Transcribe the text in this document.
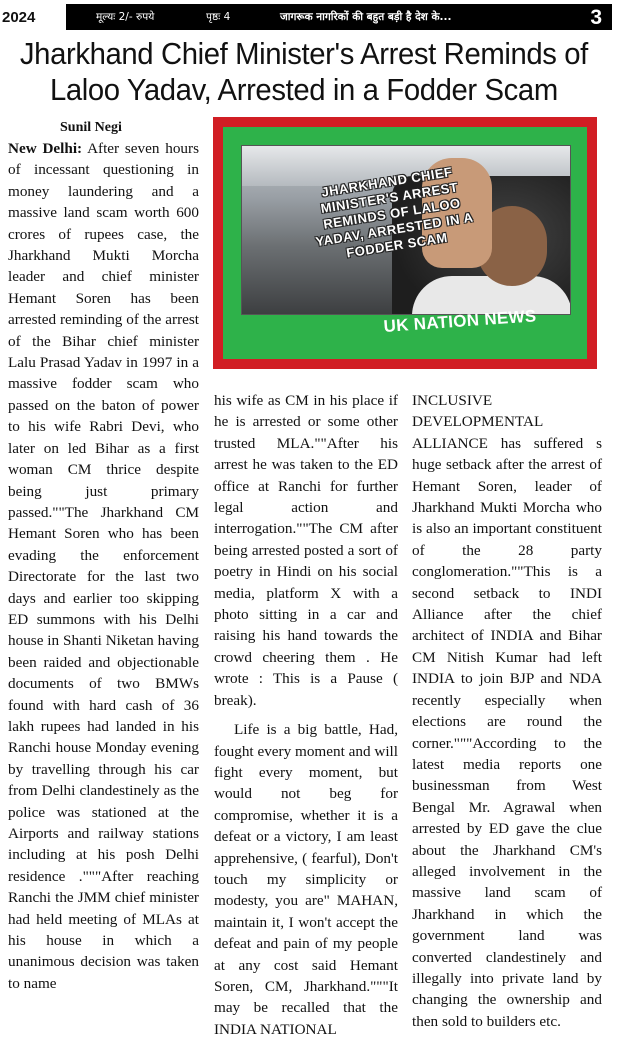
2024	मूल्यः 2/- रुपये	पृष्ठः 4	जागरूक नागरिकों की बहुत बड़ी है देश के...	3
Jharkhand Chief Minister's Arrest Reminds of Laloo Yadav, Arrested in a Fodder Scam
Sunil Negi

New Delhi: After seven hours of incessant questioning in money laundering and a massive land scam worth 600 crores of rupees case, the Jharkhand Mukti Morcha leader and chief minister Hemant Soren has been arrested reminding of the arrest of the Bihar chief minister Lalu Prasad Yadav in 1997 in a massive fodder scam who passed on the baton of power to his wife Rabri Devi, who later on led Bihar as a first woman CM thrice despite being just primary passed.""The Jharkhand CM Hemant Soren who has been evading the enforcement Directorate for the last two days and earlier too skipping ED summons with his Delhi house in Shanti Niketan having been raided and objectionable documents of two BMWs found with hard cash of 36 lakh rupees had landed in his Ranchi house Monday evening by travelling through his car from Delhi clandestinely as the police was stationed at the Airports and railway stations including at his posh Delhi residence ."""After reaching Ranchi the JMM chief minister had held meeting of MLAs at his house in which a unanimous decision was taken to name

JHARKHAND CHIEF MINISTER'S ARREST REMINDS OF LALOO YADAV, ARRESTED IN A FODDER SCAM
UK NATION NEWS

his wife as CM in his place if he is arrested or some other trusted MLA.""After his arrest he was taken to the ED office at Ranchi for further legal action and interrogation.""The CM after being arrested posted a sort of poetry in Hindi on his social media, platform X with a photo sitting in a car and raising his hand towards the crowd cheering them . He wrote : This is a Pause ( break).

Life is a big battle, Had, fought every moment and will fight every moment, but would not beg for compromise, whether it is a defeat or a victory, I am least apprehensive, ( fearful), Don't touch my simplicity or modesty, you are" MAHAN, maintain it, I won't accept the defeat and pain of my people at any cost said Hemant Soren, CM, Jharkhand."""It may be recalled that the INDIA NATIONAL

INCLUSIVE DEVELOPMENTAL ALLIANCE has suffered s huge setback after the arrest of Hemant Soren, leader of Jharkhand Mukti Morcha who is also an important constituent of the 28 party conglomeration.""This is a second setback to INDI Alliance after the chief architect of INDIA and Bihar CM Nitish Kumar had left INDIA to join BJP and NDA recently especially when elections are round the corner."""According to the latest media reports one businessman from West Bengal Mr. Agrawal when arrested by ED gave the clue about the Jharkhand CM's alleged involvement in the massive land scam of Jharkhand in which the government land was converted clandestinely and illegally into private land by changing the ownership and then sold to builders etc.
